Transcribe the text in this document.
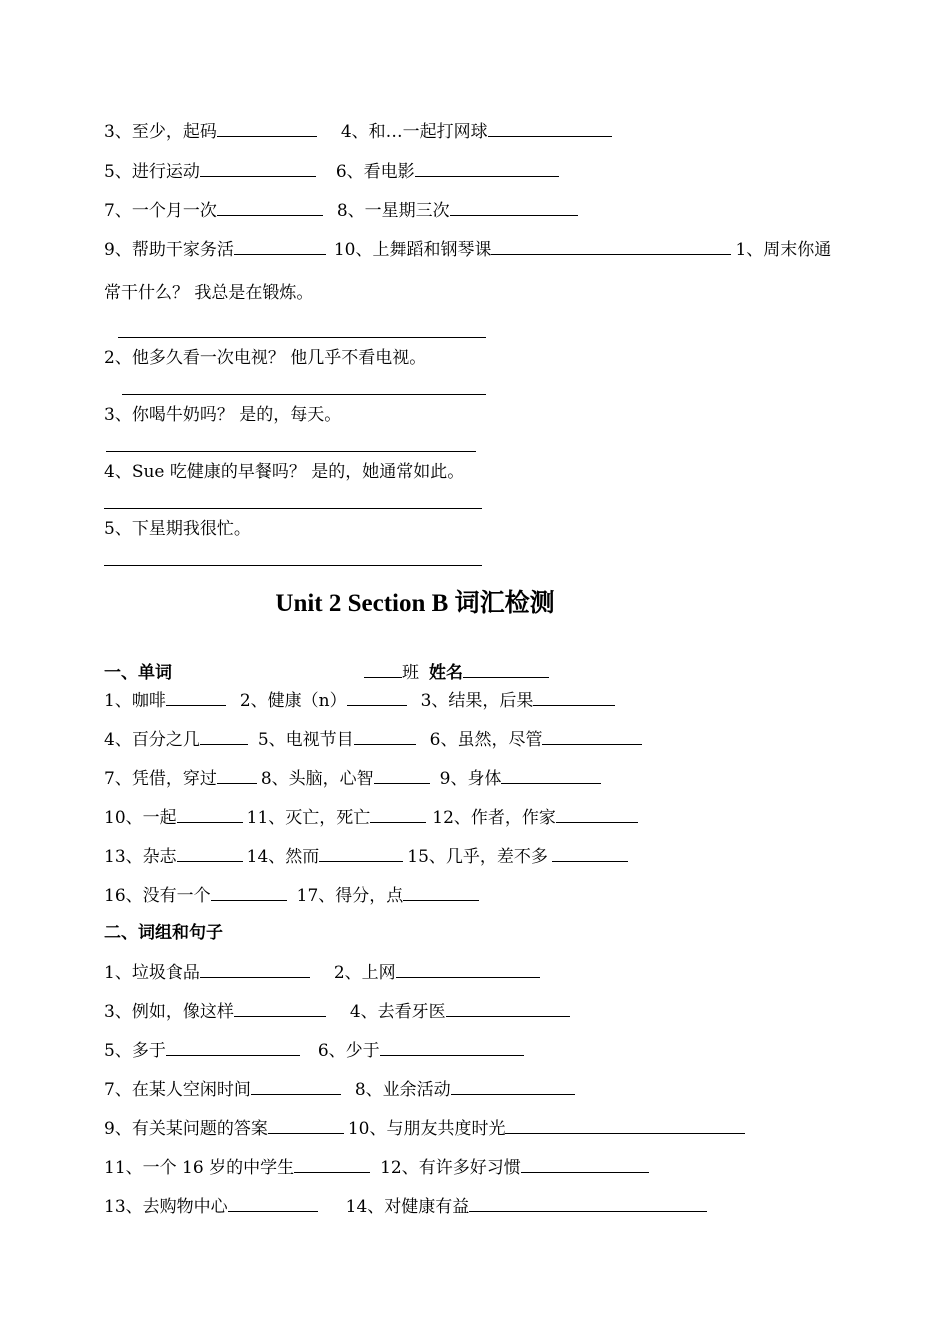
3、至少，起码	4、和…一起打网球
5、进行运动	6、看电影
7、一个月一次	8、一星期三次
9、帮助干家务活	10、上舞蹈和钢琴课	1、周末你通
常干什么？ 我总是在锻炼。
2、他多久看一次电视？ 他几乎不看电视。
3、你喝牛奶吗？ 是的，每天。
4、Sue 吃健康的早餐吗？ 是的，她通常如此。
5、下星期我很忙。
Unit 2 Section B 词汇检测
一、单词	班 姓名
1、咖啡	2、健康（n）	3、结果，后果
4、百分之几	5、电视节目	6、虽然，尽管
7、凭借，穿过	8、头脑，心智	9、身体
10、一起	11、灭亡，死亡	12、作者，作家
13、杂志	14、然而	15、几乎，差不多
16、没有一个	17、得分，点
二、词组和句子
1、垃圾食品	2、上网
3、例如，像这样	4、去看牙医
5、多于	6、少于
7、在某人空闲时间	8、业余活动
9、有关某问题的答案	10、与朋友共度时光
11、一个 16 岁的中学生	12、有许多好习惯
13、去购物中心	14、对健康有益
